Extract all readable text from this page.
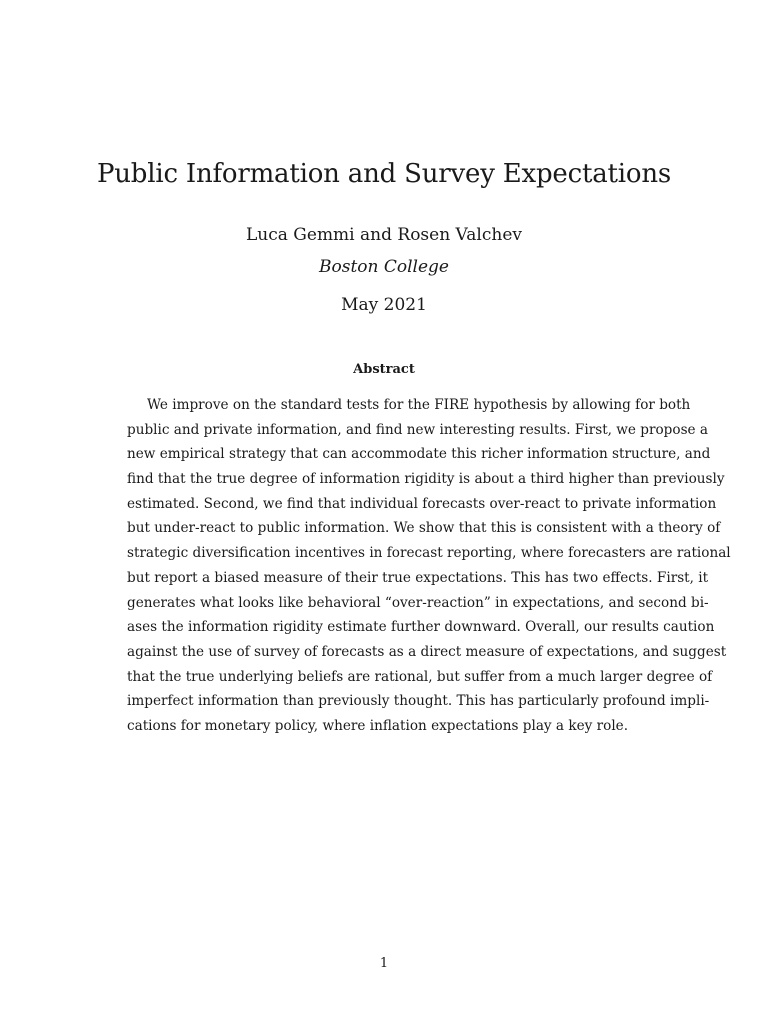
Public Information and Survey Expectations
Luca Gemmi and Rosen Valchev
Boston College
May 2021
Abstract
We improve on the standard tests for the FIRE hypothesis by allowing for both
public and private information, and find new interesting results. First, we propose a
new empirical strategy that can accommodate this richer information structure, and
find that the true degree of information rigidity is about a third higher than previously
estimated. Second, we find that individual forecasts over-react to private information
but under-react to public information. We show that this is consistent with a theory of
strategic diversification incentives in forecast reporting, where forecasters are rational
but report a biased measure of their true expectations. This has two effects. First, it
generates what looks like behavioral “over-reaction” in expectations, and second bi-
ases the information rigidity estimate further downward. Overall, our results caution
against the use of survey of forecasts as a direct measure of expectations, and suggest
that the true underlying beliefs are rational, but suffer from a much larger degree of
imperfect information than previously thought. This has particularly profound impli-
cations for monetary policy, where inflation expectations play a key role.
1
